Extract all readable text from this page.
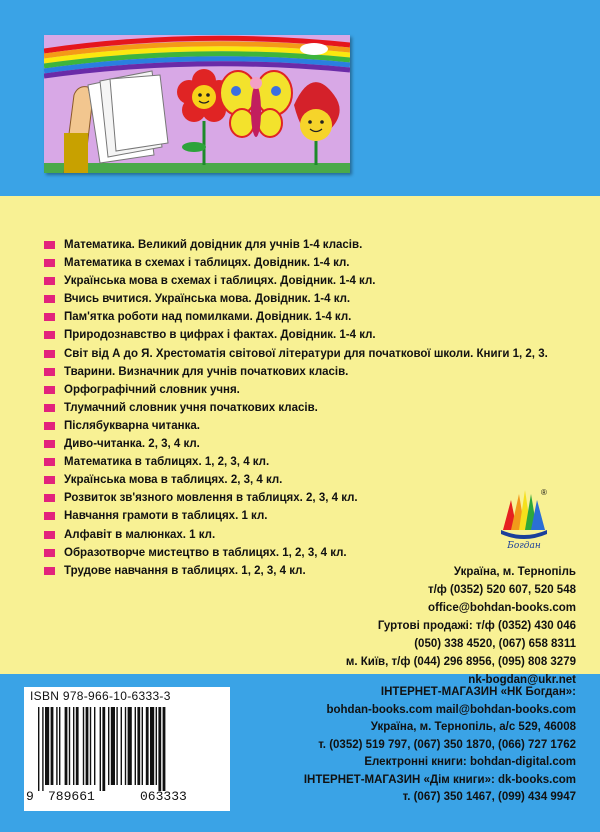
Математика. Великий довідник для учнів 1-4 класів.
Математика в схемах і таблицях. Довідник. 1-4 кл.
Українська мова в схемах і таблицях. Довідник. 1-4 кл.
Вчись вчитися. Українська мова. Довідник. 1-4 кл.
Пам'ятка роботи над помилками. Довідник. 1-4 кл.
Природознавство в цифрах і фактах. Довідник. 1-4 кл.
Світ від А до Я. Хрестоматія світової літератури для початкової школи. Книги 1, 2, 3.
Тварини. Визначник для учнів початкових класів.
Орфографічний словник учня.
Тлумачний словник учня початкових класів.
Післябукварна читанка.
Диво-читанка. 2, 3, 4 кл.
Математика в таблицях. 1, 2, 3, 4 кл.
Українська мова в таблицях. 2, 3, 4 кл.
Розвиток зв'язного мовлення в таблицях. 2, 3, 4 кл.
Навчання грамоти в таблицях. 1 кл.
Алфавіт в малюнках. 1 кл.
Образотворче мистецтво в таблицях. 1, 2, 3, 4 кл.
Трудове навчання в таблицях. 1, 2, 3, 4 кл.
Богдан
®
Україна, м. Тернопіль
т/ф (0352) 520 607, 520 548
office@bohdan-books.com
Гуртові продажі: т/ф (0352) 430 046
(050) 338 4520, (067) 658 8311
м. Київ, т/ф (044) 296 8956, (095) 808 3279
nk-bogdan@ukr.net
ISBN 978-966-10-6333-3
9 789661	063333
ІНТЕРНЕТ-МАГАЗИН «НК Богдан»:
bohdan-books.com mail@bohdan-books.com
Україна, м. Тернопіль, а/с 529, 46008
т. (0352) 519 797, (067) 350 1870, (066) 727 1762
Електронні книги: bohdan-digital.com
ІНТЕРНЕТ-МАГАЗИН «Дім книги»: dk-books.com
т. (067) 350 1467, (099) 434 9947
